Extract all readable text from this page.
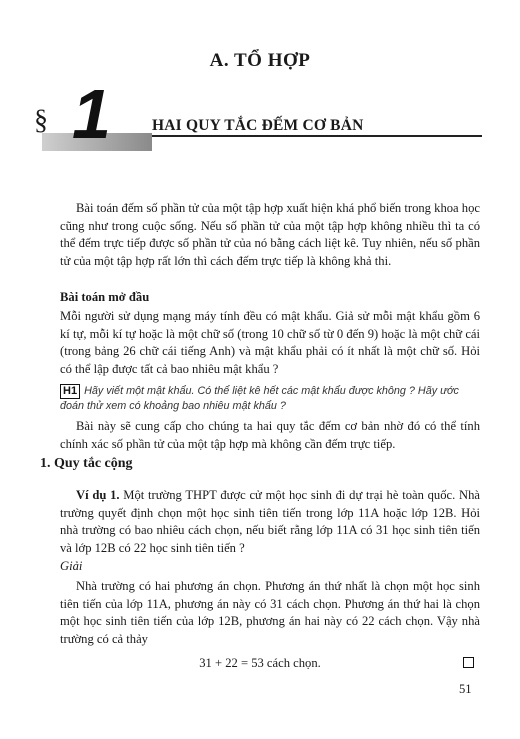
A. TỔ HỢP

§ 1	HAI QUY TẮC ĐẾM CƠ BẢN

Bài toán đếm số phần tử của một tập hợp xuất hiện khá phổ biến trong khoa học cũng như trong cuộc sống. Nếu số phần tử của một tập hợp không nhiều thì ta có thể đếm trực tiếp được số phần tử của nó bằng cách liệt kê. Tuy nhiên, nếu số phần tử của một tập hợp rất lớn thì cách đếm trực tiếp là không khả thi.

Bài toán mở đầu

Mỗi người sử dụng mạng máy tính đều có mật khẩu. Giả sử mỗi mật khẩu gồm 6 kí tự, mỗi kí tự hoặc là một chữ số (trong 10 chữ số từ 0 đến 9) hoặc là một chữ cái (trong bảng 26 chữ cái tiếng Anh) và mật khẩu phải có ít nhất là một chữ số. Hỏi có thể lập được tất cả bao nhiêu mật khẩu ?

H1 Hãy viết một mật khẩu. Có thể liệt kê hết các mật khẩu được không ? Hãy ước đoán thử xem có khoảng bao nhiêu mật khẩu ?

Bài này sẽ cung cấp cho chúng ta hai quy tắc đếm cơ bản nhờ đó có thể tính chính xác số phần tử của một tập hợp mà không cần đếm trực tiếp.

1. Quy tắc cộng

Ví dụ 1. Một trường THPT được cử một học sinh đi dự trại hè toàn quốc. Nhà trường quyết định chọn một học sinh tiên tiến trong lớp 11A hoặc lớp 12B. Hỏi nhà trường có bao nhiêu cách chọn, nếu biết rằng lớp 11A có 31 học sinh tiên tiến và lớp 12B có 22 học sinh tiên tiến ?

Giải

Nhà trường có hai phương án chọn. Phương án thứ nhất là chọn một học sinh tiên tiến của lớp 11A, phương án này có 31 cách chọn. Phương án thứ hai là chọn một học sinh tiên tiến của lớp 12B, phương án hai này có 22 cách chọn. Vậy nhà trường có cả thảy

31 + 22 = 53 cách chọn.

51
